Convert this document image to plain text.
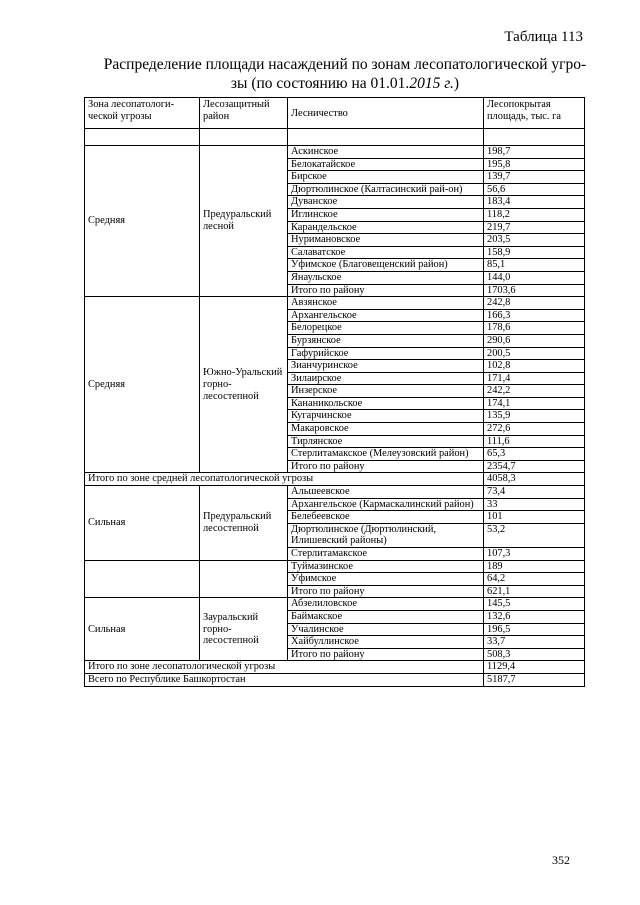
Таблица 113
Распределение площади насаждений по зонам лесопатологической угро-зы (по состоянию на 01.01.2015 г.)
Зона лесопатологи-ческой угрозы	Лесозащитный район	Лесничество	Лесопокрытая площадь, тыс. га

Средняя	Предуральский лесной	Аскинское	198,7
		Белокатайское	195,8
		Бирское	139,7
		Дюртюлинское (Калтасинский рай-он)	56,6
		Дуванское	183,4
		Иглинское	118,2
		Карандельское	219,7
		Нуримановское	203,5
		Салаватское	158,9
		Уфимское (Благовещенский район)	85,1
		Янаульское	144,0
		Итого по району	1703,6
Средняя	Южно-Уральский горно-лесостепной	Авзянское	242,8
		Архангельское	166,3
		Белорецкое	178,6
		Бурзянское	290,6
		Гафурийское	200,5
		Зианчуринское	102,8
		Зилаирское	171,4
		Инзерское	242,2
		Кананикольское	174,1
		Кугарчинское	135,9
		Макаровское	272,6
		Тирлянское	111,6
		Стерлитамакское (Мелеузовский район)	65,3
		Итого по району	2354,7
Итого по зоне средней лесопатологической угрозы			4058,3
Сильная	Предуральский лесостепной	Альшеевское	73,4
		Архангельское (Кармаскалинский район)	33
		Белебеевское	101
		Дюртюлинское (Дюртюлинский, Илишевский районы)	53,2
		Стерлитамакское	107,3
		Туймазинское	189
		Уфимское	64,2
		Итого по району	621,1
Сильная	Зауральский горно-лесостепной	Абзелиловское	145,5
		Баймакское	132,6
		Учалинское	196,5
		Хайбуллинское	33,7
		Итого по району	508,3
Итого по зоне лесопатологической угрозы			1129,4
Всего по Республике Башкортостан			5187,7
352
